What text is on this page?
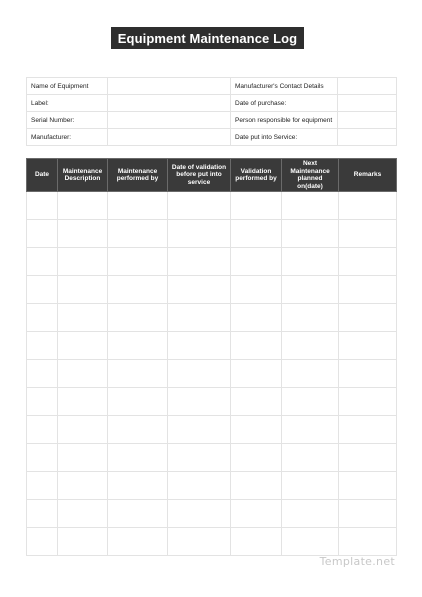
Equipment Maintenance Log
Name of Equipment		Manufacturer's Contact Details	
Label:		Date of purchase:	
Serial Number:		Person responsible for equipment	
Manufacturer:		Date put into Service:	
Date	Maintenance Description	Maintenance performed by	Date of validation before put into service	Validation performed by	Next Maintenance planned on(date)	Remarks

Template.net
